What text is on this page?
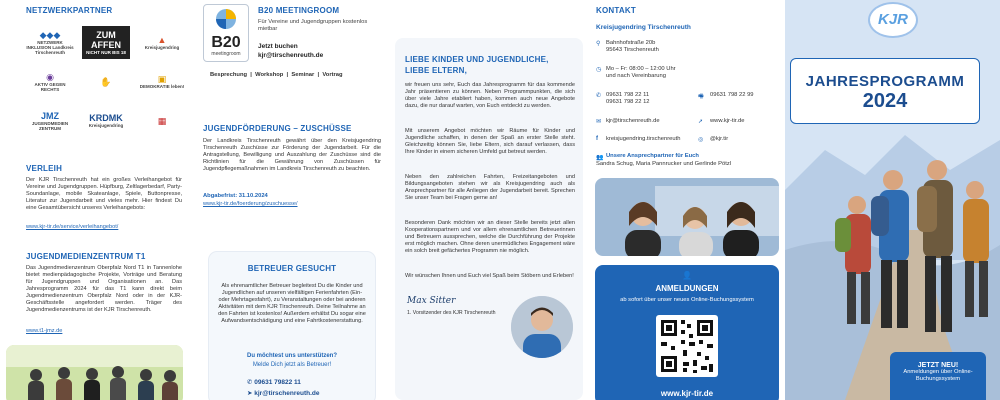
NETZWERKPARTNER
◆◆◆
NETZWERK INKLUSION Landkreis Tirschenreuth
ZUM AFFEN
NICHT NUR BIS 18
▲
Kreisjugendring
◉
AKTIV GEGEN RECHTS
✋	▣
DEMOKRATIE leben!
JMZ
JUGENDMEDIEN ZENTRUM
KRDMK
Kreisjugendring	▦
VERLEIH
Der KJR Tirschenreuth hat ein großes Verleihangebot für Vereine und Jugendgruppen. Hüpfburg, Zeltlagerbedarf, Party-Soundanlage, mobile Skateanlage, Spiele, Buttonpresse, Literatur zur Jugendarbeit und vieles mehr. Hier findest Du eine Gesamtübersicht unseres Verleihangebots:
www.kjr-tir.de/service/verleihangebot/
JUGENDMEDIENZENTRUM T1
Das Jugendmedienzentrum Oberpfalz Nord T1 in Tannenlohe bietet medienpädagogische Projekte, Vorträge und Beratung für Jugendgruppen und Organisationen an. Das Jahresprogramm 2024 für das T1 kann direkt beim Jugendmedienzentrum Oberpfalz Nord oder in der KJR-Geschäftsstelle angefordert werden. Träger des Jugendmedienzentrums ist der KJR Tirschenreuth.
www.t1-jmz.de
B20
meetingroom
B20 MEETINGROOM
Für Vereine und Jugendgruppen kostenlos mietbar
Jetzt buchen
kjr@tirschenreuth.de
Besprechung  |  Workshop  |  Seminar  |  Vortrag
JUGENDFÖRDERUNG – ZUSCHÜSSE
Der Landkreis Tirschenreuth gewährt über den Kreisjugendring Tirschenreuth Zuschüsse zur Förderung der Jugendarbeit. Für die Antragstellung, Bewilligung und Auszahlung der Zuschüsse sind die Richtlinien für die Gewährung von Zuschüssen für Jugendpflegemaßnahmen im Landkreis Tirschenreuth zu beachten.
Abgabefrist: 31.10.2024
www.kjr-tir.de/foerderung/zuschuesse/
BETREUER GESUCHT
Als ehrenamtlicher Betreuer begleitest Du die Kinder und Jugendlichen auf unseren vielfältigen Ferienfahrten (Ein- oder Mehrtagesfahrt), zu Veranstaltungen oder bei anderen Aktivitäten mit dem KJR Tirschenreuth. Deine Teilnahme an den Fahrten ist kostenlos! Außerdem erhältst Du sogar eine Aufwandsentschädigung und eine Fahrtkostenerstattung.
Du möchtest uns unterstützen?
Melde Dich jetzt als Betreuer!
✆ 09631 79822 11
➤ kjr@tirschenreuth.de
LIEBE KINDER UND JUGENDLICHE, LIEBE ELTERN,
wir freuen uns sehr, Euch das Jahresprogramm für das kommende Jahr präsentieren zu können. Neben Programmpunkten, die sich über viele Jahre etabliert haben, kommen auch neue Angebote dazu, die nur darauf warten, von Euch entdeckt zu werden.
Mit unserem Angebot möchten wir Räume für Kinder und Jugendliche schaffen, in denen der Spaß an erster Stelle steht. Gleichzeitig können Sie, liebe Eltern, sich darauf verlassen, dass Ihre Kinder in einem sicheren Umfeld gut betreut werden.
Neben den zahlreichen Fahrten, Freizeitangeboten und Bildungsangeboten stehen wir als Kreisjugendring auch als Ansprechpartner für alle Anliegen der Jugendarbeit bereit. Sprechen Sie unser Team bei Fragen gerne an!
Besonderen Dank möchten wir an dieser Stelle bereits jetzt allen Kooperationspartnern und vor allem ehrenamtlichen Betreuerinnen und Betreuern aussprechen, welche die Durchführung der Projekte erst möglich machen. Ohne deren unermüdliches Engagement wäre ein solch breit gefächertes Programm nie möglich.
Wir wünschen Ihnen und Euch viel Spaß beim Stöbern und Erleben!
Max Sitter
1. Vorsitzender des KJR Tirschenreuth
KONTAKT
Kreisjugendring Tirschenreuth
⚲ Bahnhofstraße 20b
95643 Tirschenreuth
◷ Mo – Fr: 08:00 – 12:00 Uhr
und nach Vereinbarung
✆ 09631 798 22 11
09631 798 22 12
🖷 09631 798 22 99
✉ kjr@tirschenreuth.de	➚ www.kjr-tir.de
f kreisjugendring.tirschenreuth	◎ @kjr.tir
👥 Unsere Ansprechpartner für Euch
Sandra Schug, Maria Pannrucker und Gerlinde Pötzl
👤
ANMELDUNGEN
ab sofort über unser neues Online-Buchungssystem
www.kjr-tir.de
KJR
JAHRESPROGRAMM
2024
JETZT NEU!
Anmeldungen über Online-Buchungssystem
